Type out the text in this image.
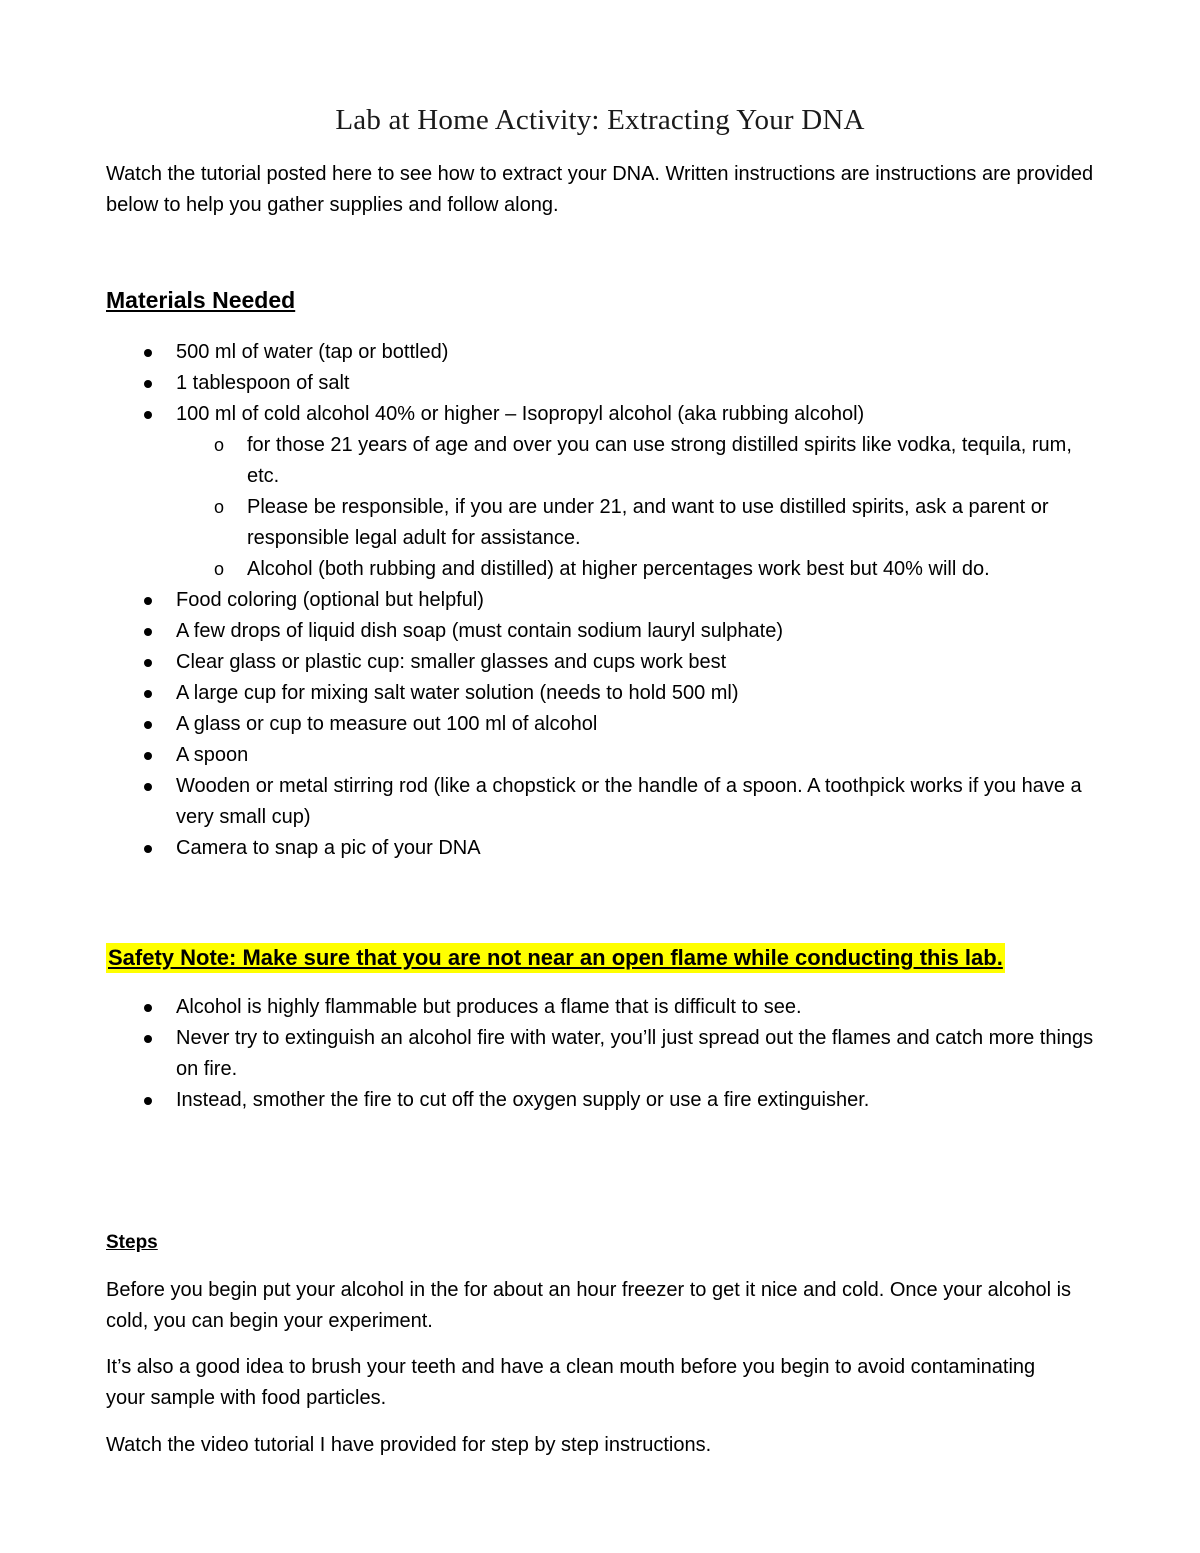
Lab at Home Activity: Extracting Your DNA
Watch the tutorial posted here to see how to extract your DNA. Written instructions are instructions are provided below to help you gather supplies and follow along.
Materials Needed
500 ml of water (tap or bottled)
1 tablespoon of salt
100 ml of cold alcohol 40% or higher – Isopropyl alcohol (aka rubbing alcohol)
o for those 21 years of age and over you can use strong distilled spirits like vodka, tequila, rum, etc.
o Please be responsible, if you are under 21, and want to use distilled spirits, ask a parent or responsible legal adult for assistance.
o Alcohol (both rubbing and distilled) at higher percentages work best but 40% will do.
Food coloring (optional but helpful)
A few drops of liquid dish soap (must contain sodium lauryl sulphate)
Clear glass or plastic cup: smaller glasses and cups work best
A large cup for mixing salt water solution (needs to hold 500 ml)
A glass or cup to measure out 100 ml of alcohol
A spoon
Wooden or metal stirring rod (like a chopstick or the handle of a spoon. A toothpick works if you have a very small cup)
Camera to snap a pic of your DNA
Safety Note: Make sure that you are not near an open flame while conducting this lab.
Alcohol is highly flammable but produces a flame that is difficult to see.
Never try to extinguish an alcohol fire with water, you’ll just spread out the flames and catch more things on fire.
Instead, smother the fire to cut off the oxygen supply or use a fire extinguisher.
Steps
Before you begin put your alcohol in the for about an hour freezer to get it nice and cold. Once your alcohol is cold, you can begin your experiment.
It’s also a good idea to brush your teeth and have a clean mouth before you begin to avoid contaminating your sample with food particles.
Watch the video tutorial I have provided for step by step instructions.
